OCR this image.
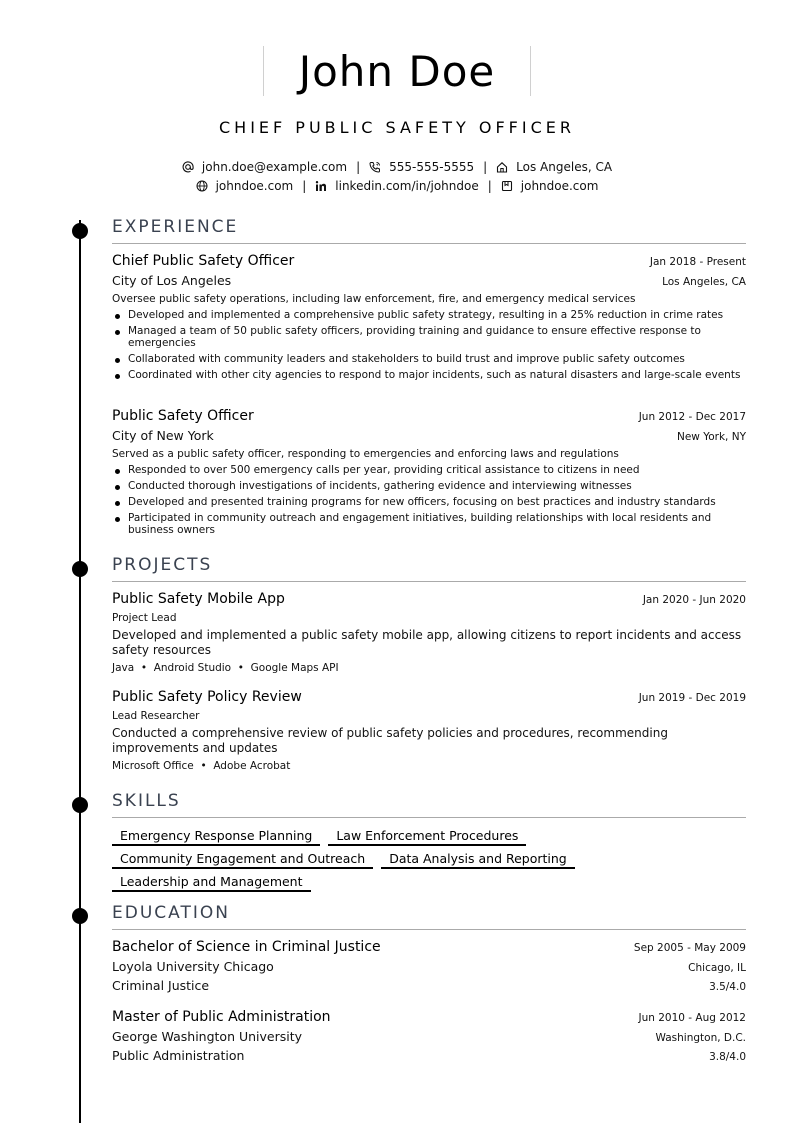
John Doe
CHIEF PUBLIC SAFETY OFFICER
john.doe@example.com | 555-555-5555 | Los Angeles, CA
johndoe.com | linkedin.com/in/johndoe | johndoe.com
EXPERIENCE
Chief Public Safety Officer	Jan 2018 - Present
City of Los Angeles	Los Angeles, CA
Oversee public safety operations, including law enforcement, fire, and emergency medical services
Developed and implemented a comprehensive public safety strategy, resulting in a 25% reduction in crime rates
Managed a team of 50 public safety officers, providing training and guidance to ensure effective response to emergencies
Collaborated with community leaders and stakeholders to build trust and improve public safety outcomes
Coordinated with other city agencies to respond to major incidents, such as natural disasters and large-scale events
Public Safety Officer	Jun 2012 - Dec 2017
City of New York	New York, NY
Served as a public safety officer, responding to emergencies and enforcing laws and regulations
Responded to over 500 emergency calls per year, providing critical assistance to citizens in need
Conducted thorough investigations of incidents, gathering evidence and interviewing witnesses
Developed and presented training programs for new officers, focusing on best practices and industry standards
Participated in community outreach and engagement initiatives, building relationships with local residents and business owners
PROJECTS
Public Safety Mobile App	Jan 2020 - Jun 2020
Project Lead
Developed and implemented a public safety mobile app, allowing citizens to report incidents and access safety resources
Java  •  Android Studio  •  Google Maps API
Public Safety Policy Review	Jun 2019 - Dec 2019
Lead Researcher
Conducted a comprehensive review of public safety policies and procedures, recommending improvements and updates
Microsoft Office  •  Adobe Acrobat
SKILLS
Emergency Response Planning	Law Enforcement Procedures
Community Engagement and Outreach	Data Analysis and Reporting
Leadership and Management
EDUCATION
Bachelor of Science in Criminal Justice	Sep 2005 - May 2009
Loyola University Chicago	Chicago, IL
Criminal Justice	3.5/4.0
Master of Public Administration	Jun 2010 - Aug 2012
George Washington University	Washington, D.C.
Public Administration	3.8/4.0
